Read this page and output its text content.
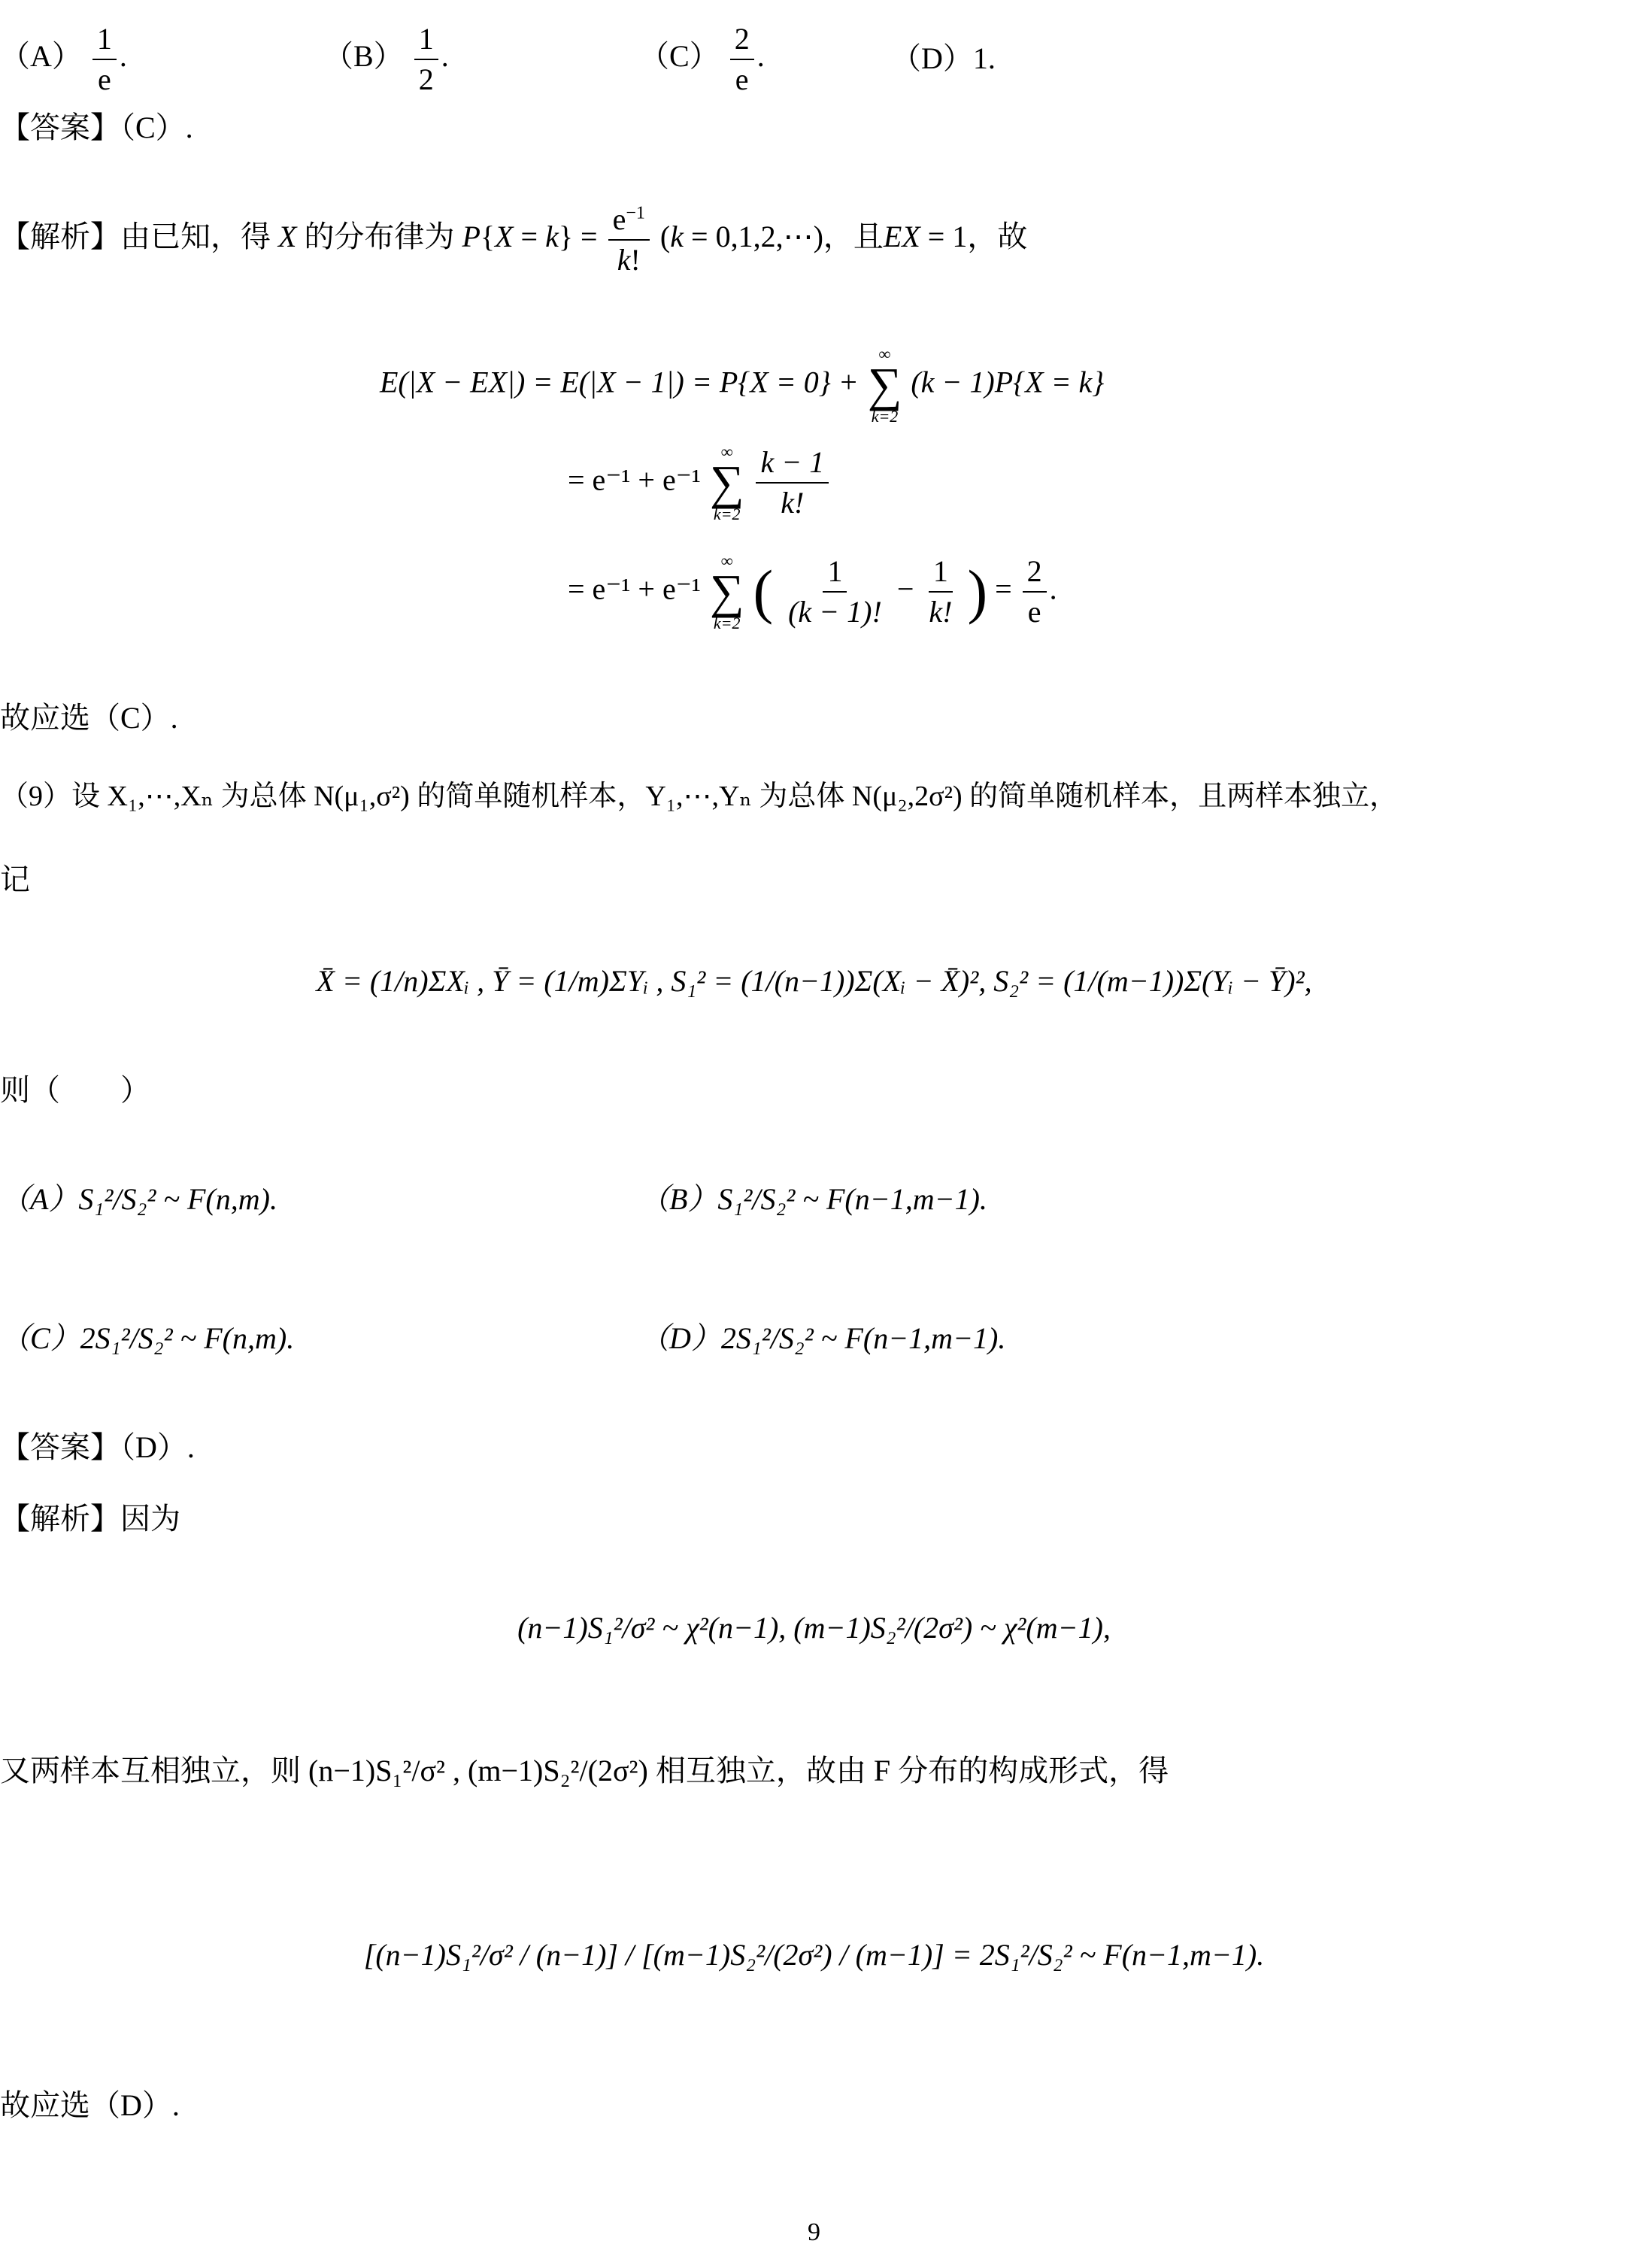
$(A) \frac{1}{e}$ .	$(B) \frac{1}{2}$ .	$(C) \frac{2}{e}$ .	（D）1.
【答案】（C）.
【解析】由已知，得 X 的分布律为 $P\{X = k\} = \frac{e^{-1}}{k!} (k$ = 0,1,2,⋯)，且EX = 1，故
E(|X − EX|) = E(|X − 1|) = P{X = 0} +
∞
∑
k=2
(k − 1)P{X = k}
= e⁻¹ + e⁻¹
∞
∑
k=2
$\frac{k - 1}{k!}$
= e⁻¹ + e⁻¹
∞
∑
k=2 ( $\frac{1}{(k - 1)!} - \frac{1}{k!}$ ) = $\frac{2}{e}$ .
故应选（C）.
（9）设 X₁,⋯,Xₙ 为总体 N(μ₁,σ²) 的简单随机样本，Y₁,⋯,Yₙ 为总体 N(μ₂,2σ²) 的简单随机样本，且两样本独立，
记
X̄ = (1/n)ΣXᵢ , Ȳ = (1/m)ΣYᵢ , S₁² = (1/(n−1))Σ(Xᵢ − X̄)², S₂² = (1/(m−1))Σ(Yᵢ − Ȳ)²,
则（　　）
（A）S₁²/S₂² ~ F(n,m).	（B）S₁²/S₂² ~ F(n−1,m−1).
（C）2S₁²/S₂² ~ F(n,m).	（D）2S₁²/S₂² ~ F(n−1,m−1).
【答案】（D）.
【解析】因为
(n−1)S₁²/σ² ~ χ²(n−1), (m−1)S₂²/(2σ²) ~ χ²(m−1),
又两样本互相独立，则 (n−1)S₁²/σ² , (m−1)S₂²/(2σ²) 相互独立，故由 F 分布的构成形式，得
[(n−1)S₁²/σ² / (n−1)] / [(m−1)S₂²/(2σ²) / (m−1)] = 2S₁²/S₂² ~ F(n−1,m−1).
故应选（D）.
9
